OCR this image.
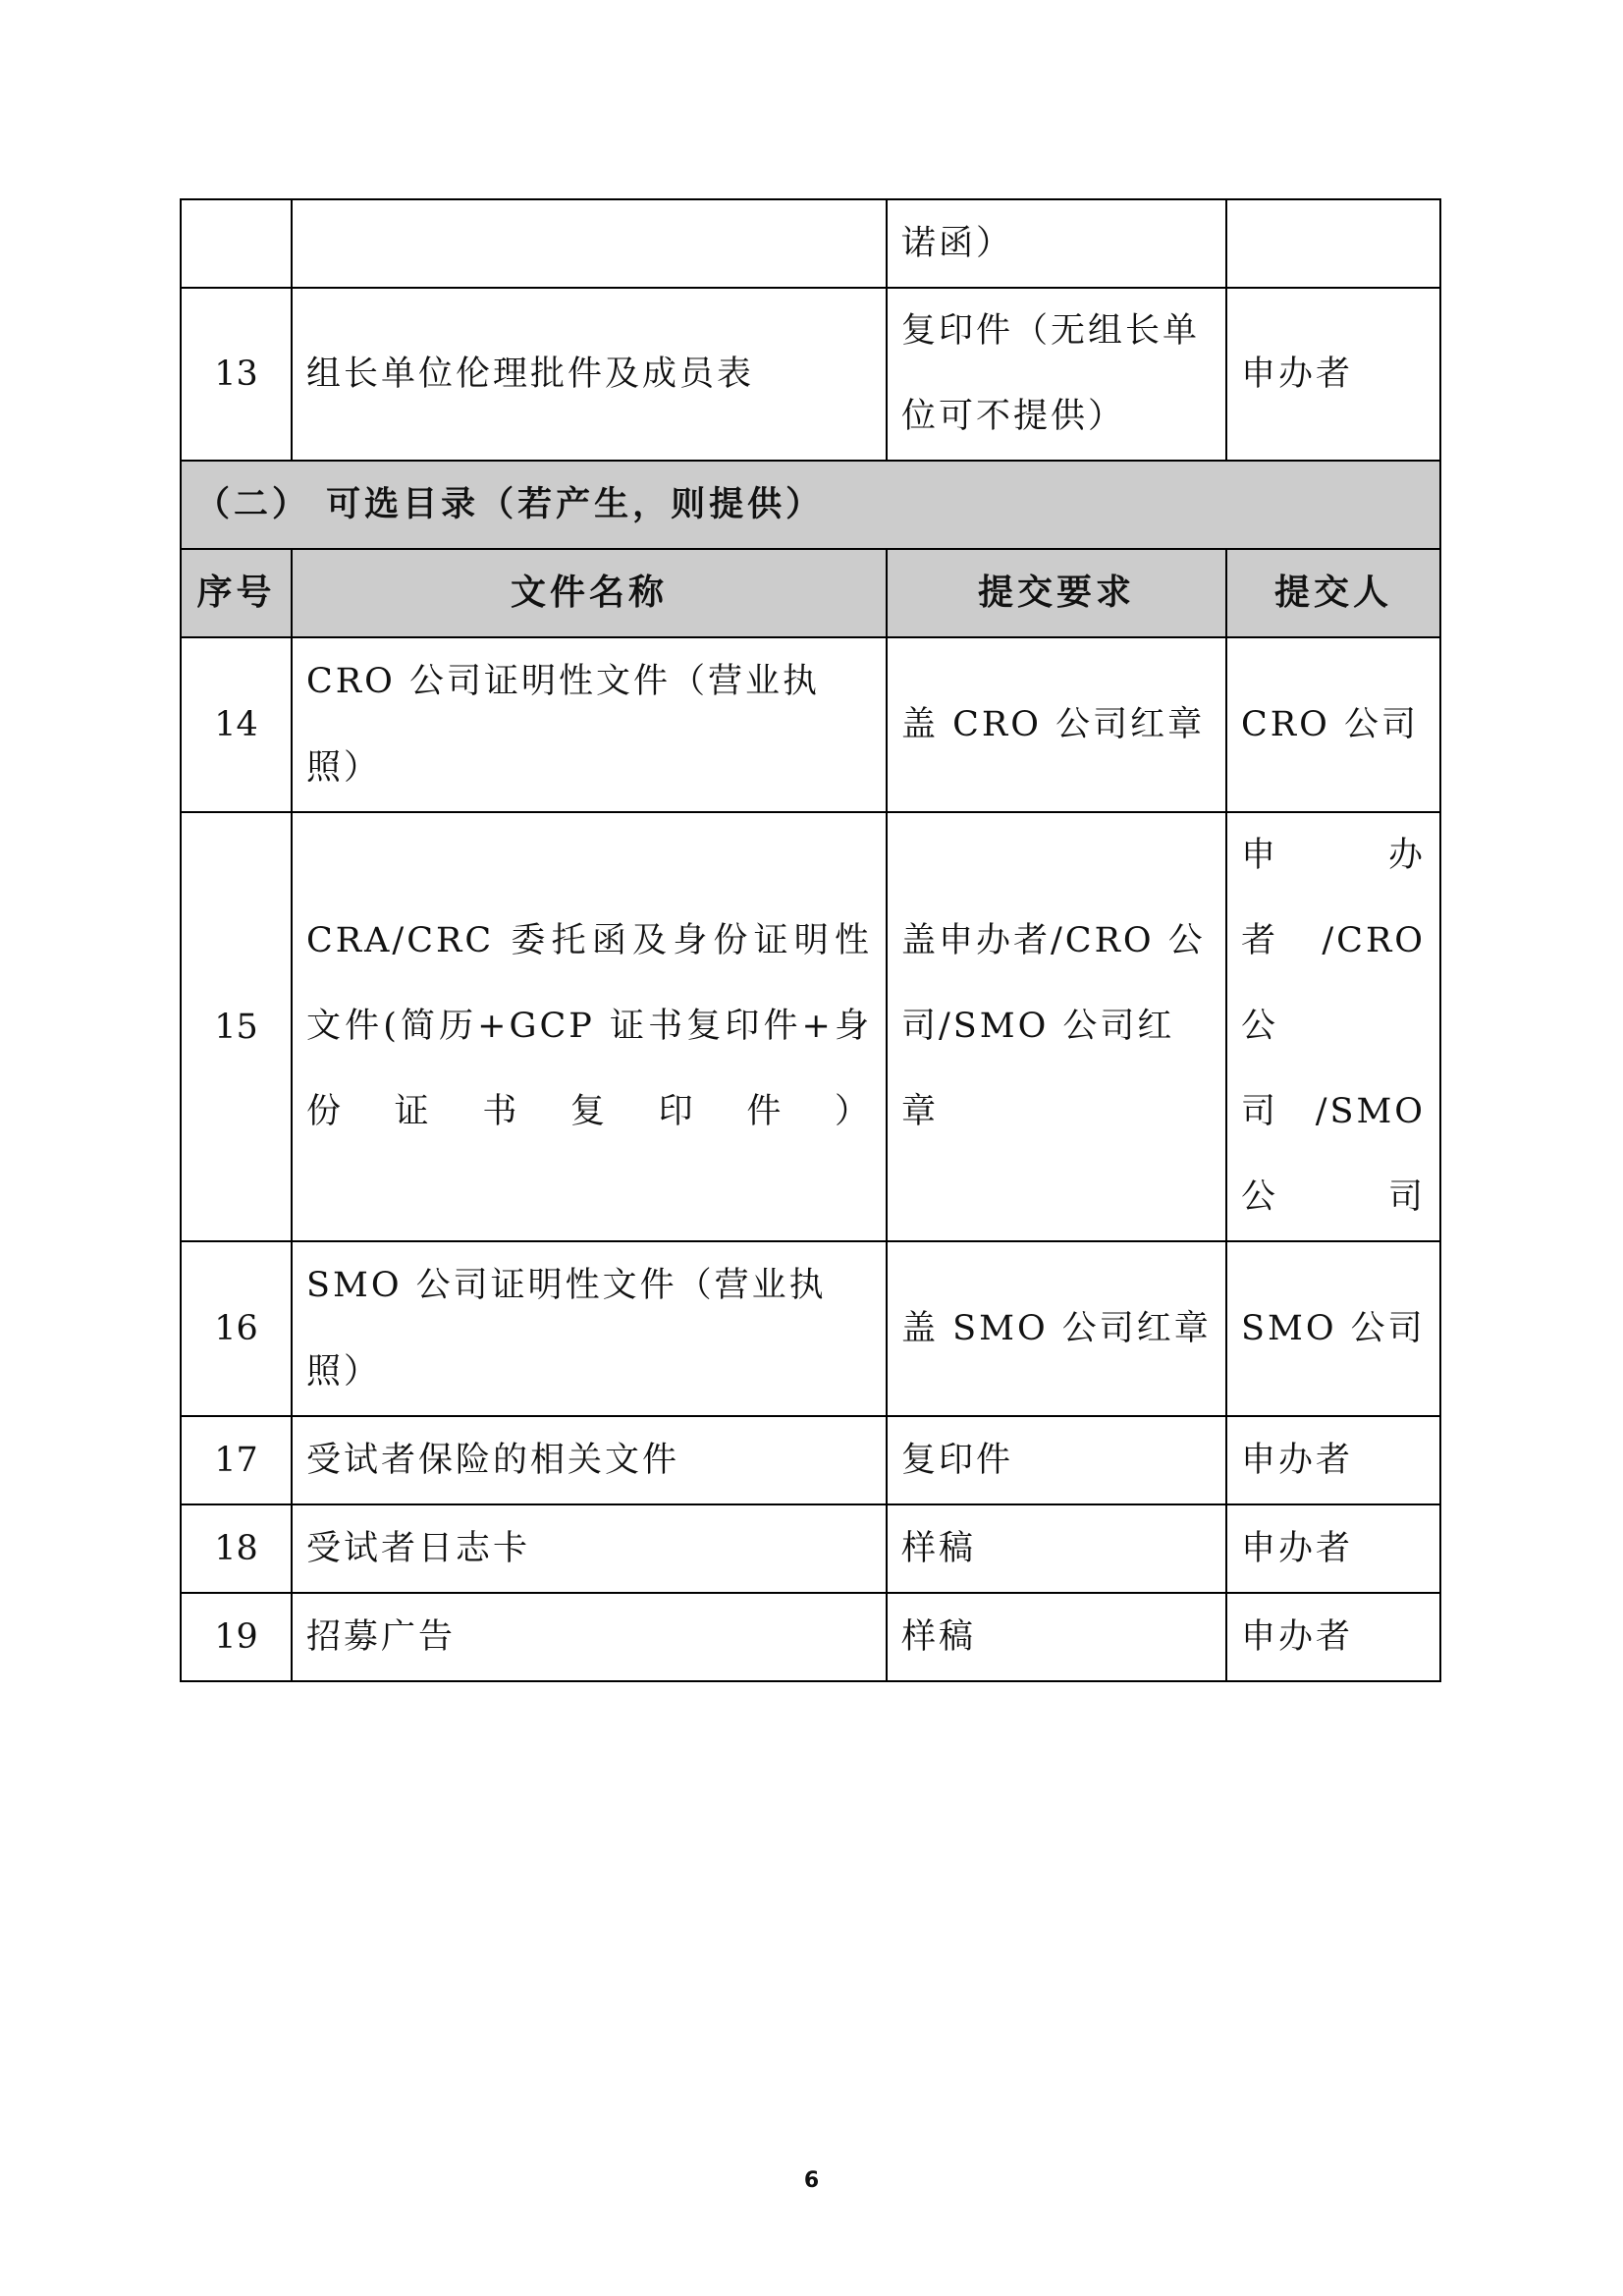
		诺函）	
13	组长单位伦理批件及成员表	复印件（无组长单位可不提供）	申办者
（二） 可选目录（若产生，则提供）			
序号	文件名称	提交要求	提交人
14	CRO 公司证明性文件（营业执照）	盖 CRO 公司红章	CRO 公司
15	CRA/CRC 委托函及身份证明性文件(简历+GCP 证书复印件+身份证书复印件）	盖申办者/CRO 公司/SMO 公司红章	申办者/CRO 公司/SMO 公司
16	SMO 公司证明性文件（营业执照）	盖 SMO 公司红章	SMO 公司
17	受试者保险的相关文件	复印件	申办者
18	受试者日志卡	样稿	申办者
19	招募广告	样稿	申办者
6
